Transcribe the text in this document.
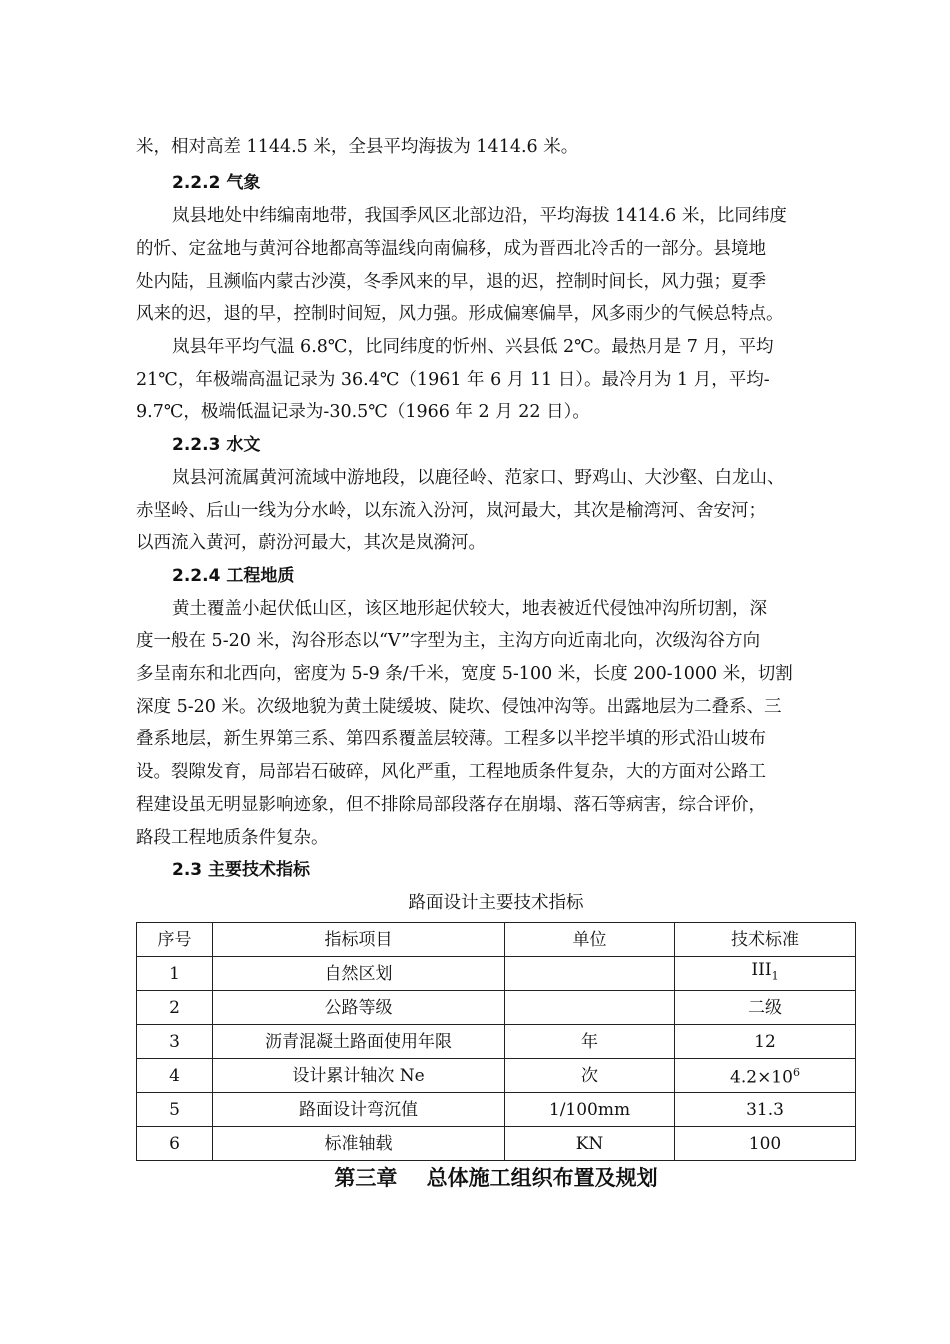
米，相对高差 1144.5 米，全县平均海拔为 1414.6 米。
2.2.2 气象
岚县地处中纬编南地带，我国季风区北部边沿，平均海拔 1414.6 米，比同纬度
的忻、定盆地与黄河谷地都高等温线向南偏移，成为晋西北冷舌的一部分。县境地
处内陆，且濒临内蒙古沙漠，冬季风来的早，退的迟，控制时间长，风力强；夏季
风来的迟，退的早，控制时间短，风力强。形成偏寒偏旱，风多雨少的气候总特点。
岚县年平均气温 6.8℃，比同纬度的忻州、兴县低 2℃。最热月是 7 月，平均
21℃，年极端高温记录为 36.4℃（1961 年 6 月 11 日）。最冷月为 1 月，平均-
9.7℃，极端低温记录为-30.5℃（1966 年 2 月 22 日）。
2.2.3 水文
岚县河流属黄河流域中游地段，以鹿径岭、范家口、野鸡山、大沙壑、白龙山、
赤坚岭、后山一线为分水岭，以东流入汾河，岚河最大，其次是榆湾河、舍安河；
以西流入黄河，蔚汾河最大，其次是岚漪河。
2.2.4 工程地质
黄土覆盖小起伏低山区，该区地形起伏较大，地表被近代侵蚀冲沟所切割，深
度一般在 5-20 米，沟谷形态以“V”字型为主，主沟方向近南北向，次级沟谷方向
多呈南东和北西向，密度为 5-9 条/千米，宽度 5-100 米，长度 200-1000 米，切割
深度 5-20 米。次级地貌为黄土陡缓坡、陡坎、侵蚀冲沟等。出露地层为二叠系、三
叠系地层，新生界第三系、第四系覆盖层较薄。工程多以半挖半填的形式沿山坡布
设。裂隙发育，局部岩石破碎，风化严重，工程地质条件复杂，大的方面对公路工
程建设虽无明显影响迹象，但不排除局部段落存在崩塌、落石等病害，综合评价，
路段工程地质条件复杂。
2.3 主要技术指标
路面设计主要技术指标
序号	指标项目	单位	技术标准
1	自然区划		$III_1$
2	公路等级		二级
3	沥青混凝土路面使用年限	年	12
4	设计累计轴次 Ne	次	$4.2\times 10^6$
5	路面设计弯沉值	1/100mm	31.3
6	标准轴载	KN	100
第三章    总体施工组织布置及规划
